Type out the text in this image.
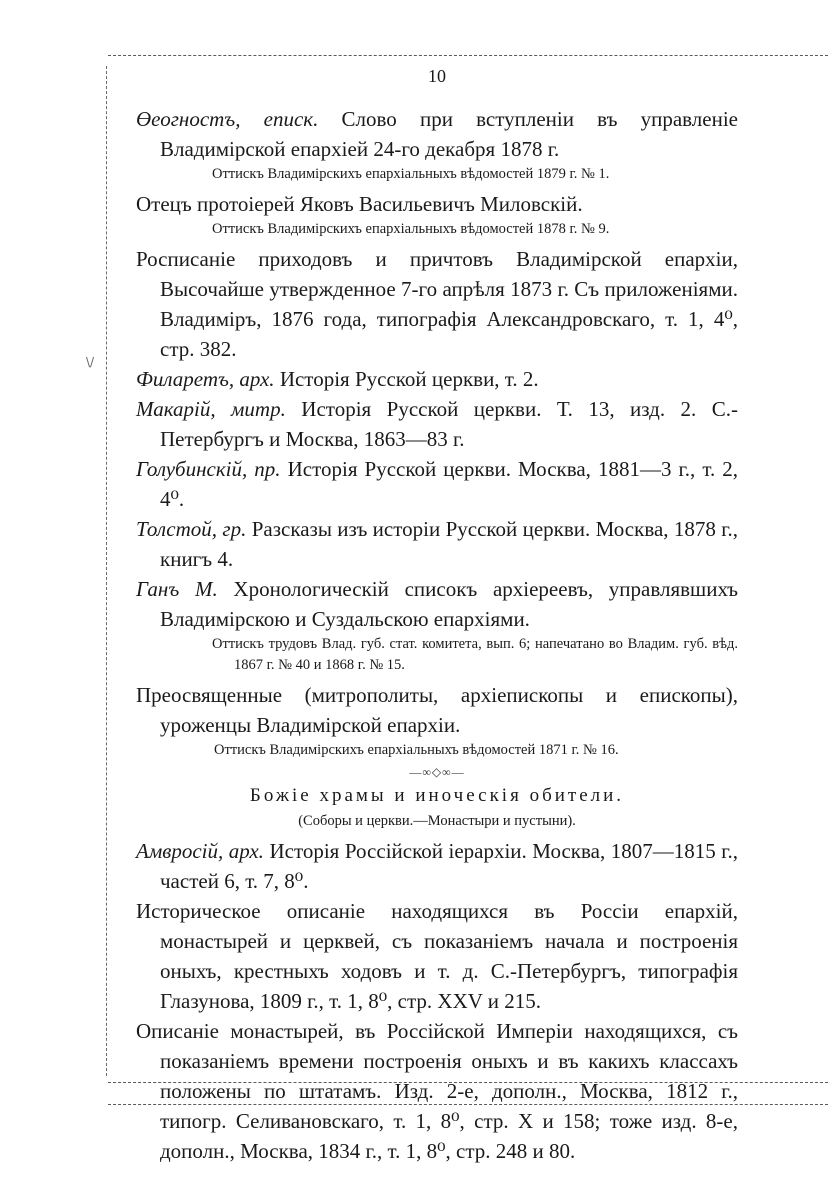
\/
10
Өеогностъ, еписк. Слово при вступленіи въ управленіе Владимірской епархіей 24-го декабря 1878 г.
Оттискъ Владимірскихъ епархіальныхъ вѣдомостей 1879 г. № 1.
Отецъ протоіерей Яковъ Васильевичъ Миловскій.
Оттискъ Владимірскихъ епархіальныхъ вѣдомостей 1878 г. № 9.
Росписаніе приходовъ и причтовъ Владимірской епархіи, Высочайше утвержденное 7-го апрѣля 1873 г. Съ приложеніями. Владиміръ, 1876 года, типографія Александровскаго, т. 1, 4⁰, стр. 382.
Филаретъ, арх. Исторія Русской церкви, т. 2.
Макарій, митр. Исторія Русской церкви. Т. 13, изд. 2. С.-Петербургъ и Москва, 1863—83 г.
Голубинскій, пр. Исторія Русской церкви. Москва, 1881—3 г., т. 2, 4⁰.
Толстой, гр. Разсказы изъ исторіи Русской церкви. Москва, 1878 г., книгъ 4.
Ганъ М. Хронологическій списокъ архіереевъ, управлявшихъ Владимірскою и Суздальскою епархіями.
Оттискъ трудовъ Влад. губ. стат. комитета, вып. 6; напечатано во Владим. губ. вѣд. 1867 г. № 40 и 1868 г. № 15.
Преосвященные (митрополиты, архіепископы и епископы), уроженцы Владимірской епархіи.
Оттискъ Владимірскихъ епархіальныхъ вѣдомостей 1871 г. № 16.
—∞◇∞—
Божіе храмы и иноческія обители.
(Соборы и церкви.—Монастыри и пустыни).
Амвросій, арх. Исторія Россійской іерархіи. Москва, 1807—1815 г., частей 6, т. 7, 8⁰.
Историческое описаніе находящихся въ Россіи епархій, монастырей и церквей, съ показаніемъ начала и построенія оныхъ, крестныхъ ходовъ и т. д. С.-Петербургъ, типографія Глазунова, 1809 г., т. 1, 8⁰, стр. XXV и 215.
Описаніе монастырей, въ Россійской Имперіи находящихся, съ показаніемъ времени построенія оныхъ и въ какихъ классахъ положены по штатамъ. Изд. 2-е, дополн., Москва, 1812 г., типогр. Селивановскаго, т. 1, 8⁰, стр. X и 158; тоже изд. 8-е, дополн., Москва, 1834 г., т. 1, 8⁰, стр. 248 и 80.
